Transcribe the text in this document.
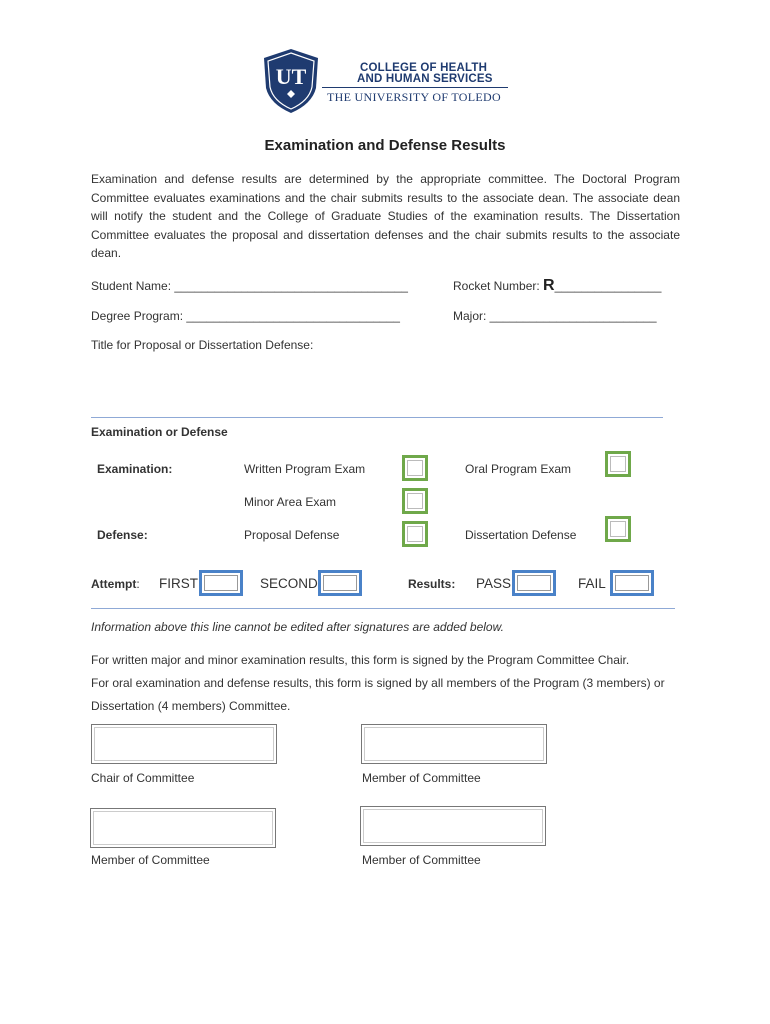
UT	COLLEGE OF HEALTH
AND HUMAN SERVICES
THE UNIVERSITY OF TOLEDO
Examination and Defense Results
Examination and defense results are determined by the appropriate committee. The Doctoral Program Committee evaluates examinations and the chair submits results to the associate dean. The associate dean will notify the student and the College of Graduate Studies of the examination results. The Dissertation Committee evaluates the proposal and dissertation defenses and the chair submits results to the associate dean.
Student Name: ___________________________________	Rocket Number: R________________
Degree Program: ________________________________	Major: _________________________
Title for Proposal or Dissertation Defense:
Examination or Defense
Examination:	Written Program Exam	Oral Program Exam
Minor Area Exam
Defense:	Proposal Defense	Dissertation Defense
Attempt: FIRST	SECOND	Results: PASS	FAIL
Information above this line cannot be edited after signatures are added below.
For written major and minor examination results, this form is signed by the Program Committee Chair.
For oral examination and defense results, this form is signed by all members of the Program (3 members) or Dissertation (4 members) Committee.
Chair of Committee	Member of Committee
Member of Committee	Member of Committee
